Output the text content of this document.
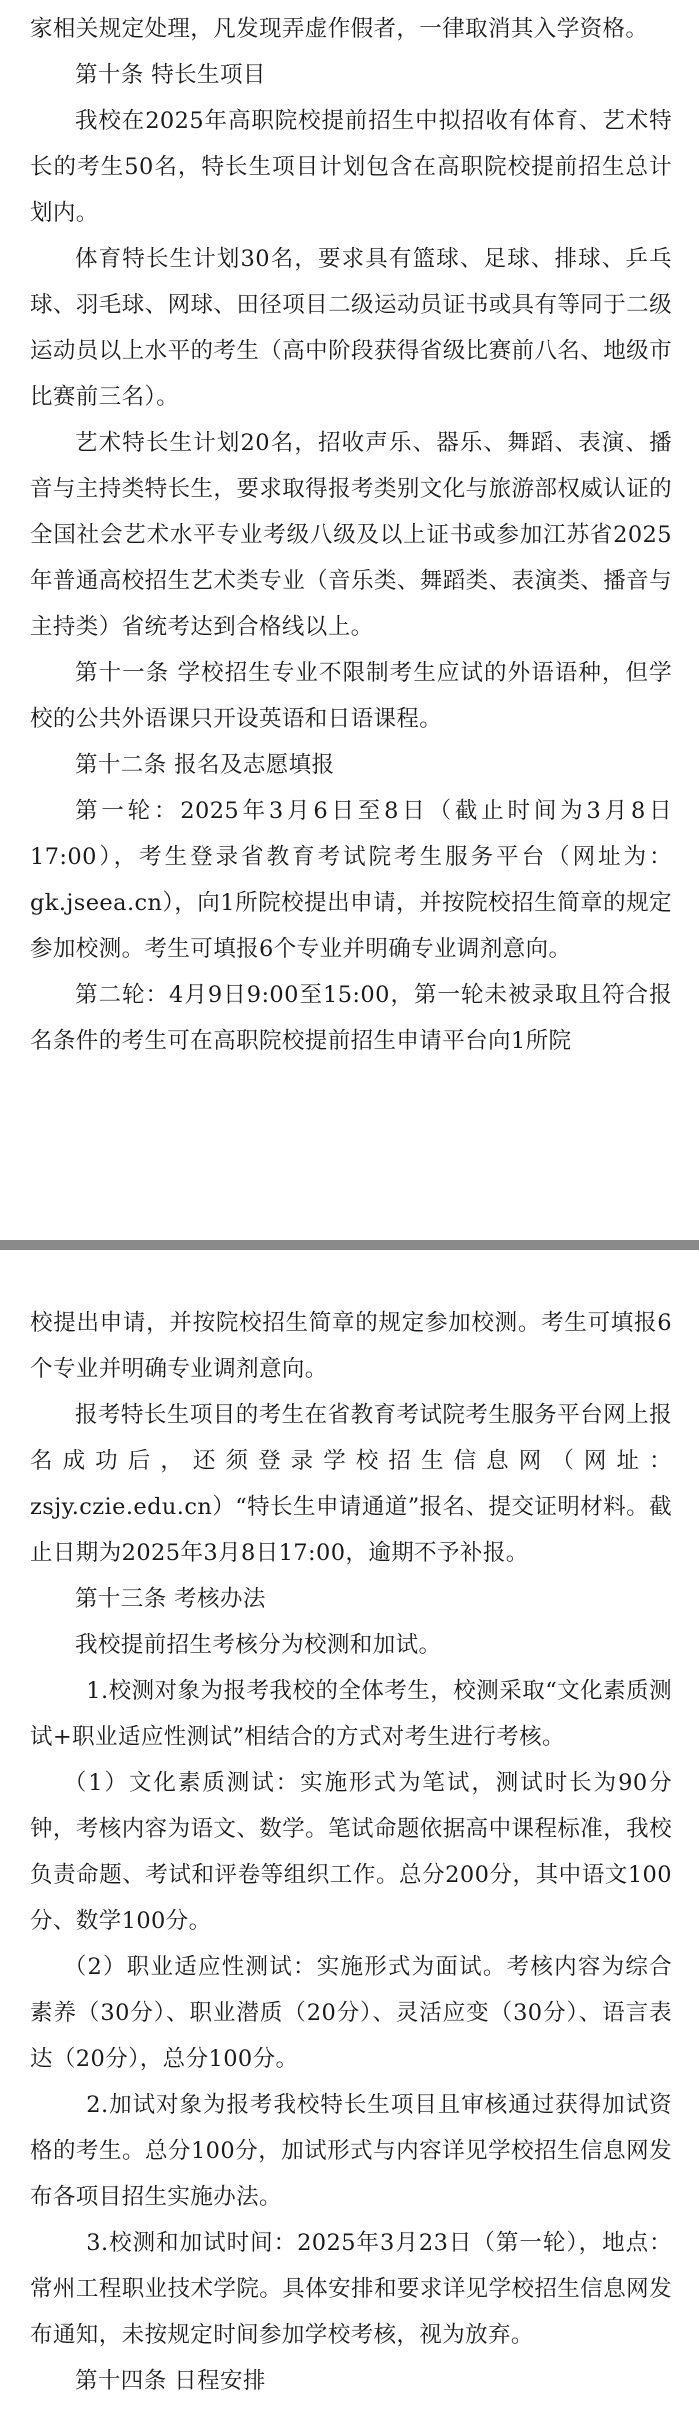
家相关规定处理，凡发现弄虚作假者，一律取消其入学资格。

第十条 特长生项目

我校在2025年高职院校提前招生中拟招收有体育、艺术特长的考生50名，特长生项目计划包含在高职院校提前招生总计划内。

体育特长生计划30名，要求具有篮球、足球、排球、乒乓球、羽毛球、网球、田径项目二级运动员证书或具有等同于二级运动员以上水平的考生（高中阶段获得省级比赛前八名、地级市比赛前三名）。

艺术特长生计划20名，招收声乐、器乐、舞蹈、表演、播音与主持类特长生，要求取得报考类别文化与旅游部权威认证的全国社会艺术水平专业考级八级及以上证书或参加江苏省2025年普通高校招生艺术类专业（音乐类、舞蹈类、表演类、播音与主持类）省统考达到合格线以上。

第十一条 学校招生专业不限制考生应试的外语语种，但学校的公共外语课只开设英语和日语课程。

第十二条 报名及志愿填报

第一轮：2025年3月6日至8日（截止时间为3月8日17:00），考生登录省教育考试院考生服务平台（网址为：gk.jseea.cn），向1所院校提出申请，并按院校招生简章的规定参加校测。考生可填报6个专业并明确专业调剂意向。

第二轮：4月9日9:00至15:00，第一轮未被录取且符合报名条件的考生可在高职院校提前招生申请平台向1所院

校提出申请，并按院校招生简章的规定参加校测。考生可填报6个专业并明确专业调剂意向。

报考特长生项目的考生在省教育考试院考生服务平台网上报名成功后，还须登录学校招生信息网（网址：zsjy.czie.edu.cn）“特长生申请通道”报名、提交证明材料。截止日期为2025年3月8日17:00，逾期不予补报。

第十三条 考核办法

我校提前招生考核分为校测和加试。

1.校测对象为报考我校的全体考生，校测采取“文化素质测试+职业适应性测试”相结合的方式对考生进行考核。

（1）文化素质测试：实施形式为笔试，测试时长为90分钟，考核内容为语文、数学。笔试命题依据高中课程标准，我校负责命题、考试和评卷等组织工作。总分200分，其中语文100分、数学100分。

（2）职业适应性测试：实施形式为面试。考核内容为综合素养（30分）、职业潜质（20分）、灵活应变（30分）、语言表达（20分），总分100分。

2.加试对象为报考我校特长生项目且审核通过获得加试资格的考生。总分100分，加试形式与内容详见学校招生信息网发布各项目招生实施办法。

3.校测和加试时间：2025年3月23日（第一轮），地点：常州工程职业技术学院。具体安排和要求详见学校招生信息网发布通知，未按规定时间参加学校考核，视为放弃。

第十四条 日程安排
